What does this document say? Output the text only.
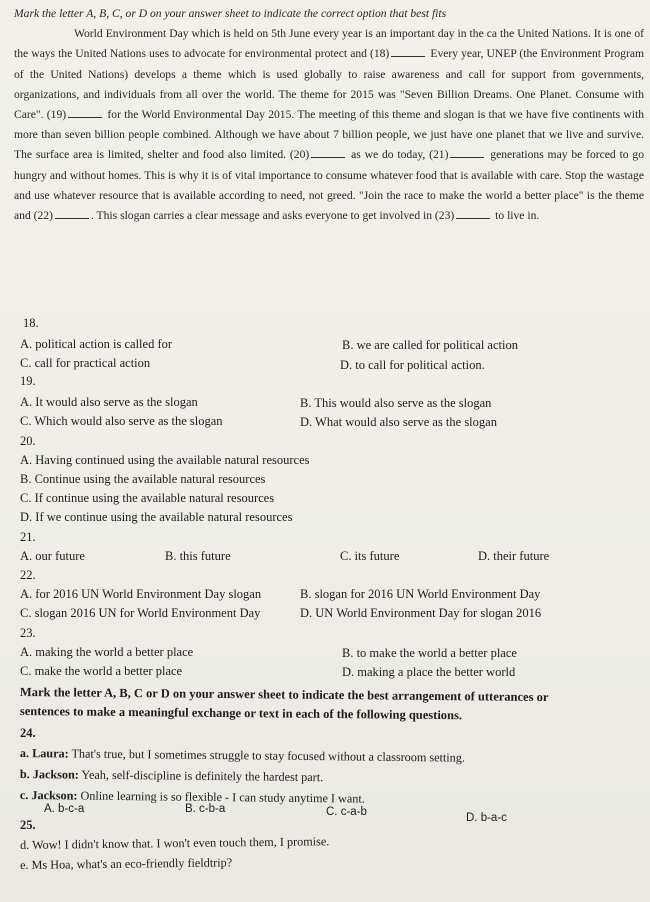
Mark the letter A, B, C, or D on your answer sheet to indicate the correct option that best fits

World Environment Day which is held on 5th June every year is an important day in the ca the United Nations. It is one of the ways the United Nations uses to advocate for environmental protect and (18)	Every year, UNEP (the Environment Program of the United Nations) develops a theme which is used globally to raise awareness and call for support from governments, organizations, and individuals from all over the world. The theme for 2015 was "Seven Billion Dreams. One Planet. Consume with Care". (19)	for the World Environmental Day 2015. The meeting of this theme and slogan is that we have five continents with more than seven billion people combined. Although we have about 7 billion people, we just have one planet that we live and survive. The surface area is limited, shelter and food also limited. (20)	as we do today, (21)	generations may be forced to go hungry and without homes. This is why it is of vital importance to consume whatever food that is available with care. Stop the wastage and use whatever resource that is available according to need, not greed. "Join the race to make the world a better place" is the theme and (22)	. This slogan carries a clear message and asks everyone to get involved in (23)	to live in.

18.
A. political action is called for	B. we are called for political action
C. call for practical action	D. to call for political action.
19.
A. It would also serve as the slogan	B. This would also serve as the slogan
C. Which would also serve as the slogan	D. What would also serve as the slogan
20.
A. Having continued using the available natural resources
B. Continue using the available natural resources
C. If continue using the available natural resources
D. If we continue using the available natural resources
21.
A. our future	B. this future	C. its future	D. their future
22.
A. for 2016 UN World Environment Day slogan	B. slogan for 2016 UN World Environment Day
C. slogan 2016 UN for World Environment Day	D. UN World Environment Day for slogan 2016
23.
A. making the world a better place	B. to make the world a better place
C. make the world a better place	D. making a place the better world
Mark the letter A, B, C or D on your answer sheet to indicate the best arrangement of utterances or
sentences to make a meaningful exchange or text in each of the following questions.
24.
a. Laura: That's true, but I sometimes struggle to stay focused without a classroom setting.
b. Jackson: Yeah, self-discipline is definitely the hardest part.
c. Jackson: Online learning is so flexible - I can study anytime I want.
A. b-c-a	B. c-b-a	C. c-a-b	D. b-a-c
25.
d. Wow! I didn't know that. I won't even touch them, I promise.
e. Ms Hoa, what's an eco-friendly fieldtrip?
